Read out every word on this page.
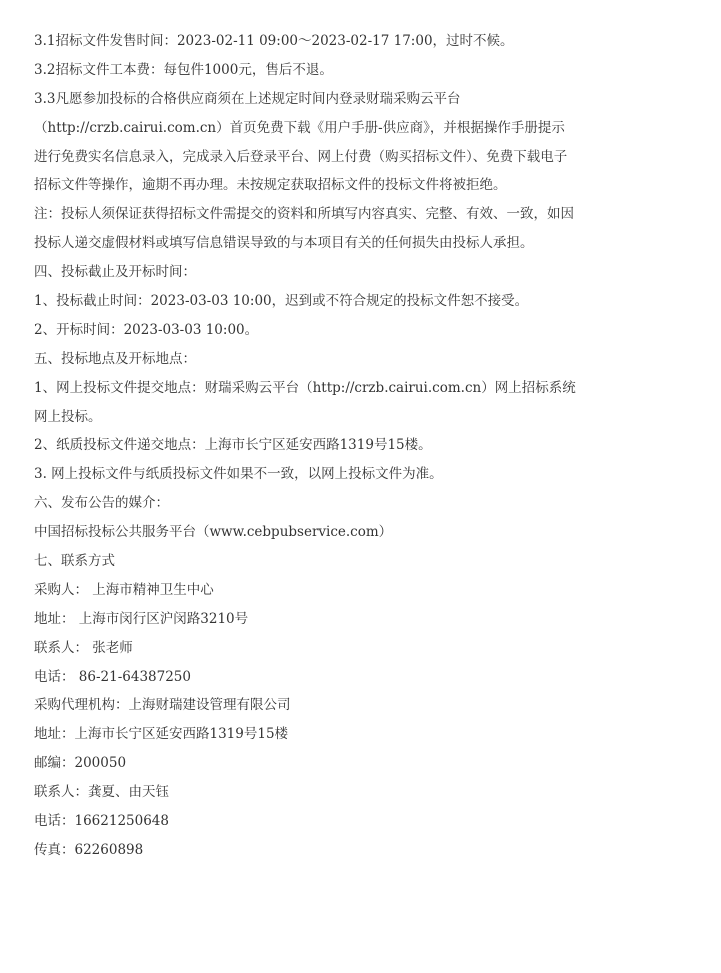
3.1招标文件发售时间：2023-02-11 09:00～2023-02-17 17:00，过时不候。
3.2招标文件工本费：每包件1000元，售后不退。
3.3凡愿参加投标的合格供应商须在上述规定时间内登录财瑞采购云平台
（http://crzb.cairui.com.cn）首页免费下载《用户手册-供应商》，并根据操作手册提示
进行免费实名信息录入，完成录入后登录平台、网上付费（购买招标文件）、免费下载电子
招标文件等操作，逾期不再办理。未按规定获取招标文件的投标文件将被拒绝。
注：投标人须保证获得招标文件需提交的资料和所填写内容真实、完整、有效、一致，如因
投标人递交虚假材料或填写信息错误导致的与本项目有关的任何损失由投标人承担。
四、投标截止及开标时间：
1、投标截止时间：2023-03-03 10:00，迟到或不符合规定的投标文件恕不接受。
2、开标时间：2023-03-03 10:00。
五、投标地点及开标地点：
1、网上投标文件提交地点：财瑞采购云平台（http://crzb.cairui.com.cn）网上招标系统
网上投标。
2、纸质投标文件递交地点：上海市长宁区延安西路1319号15楼。
3. 网上投标文件与纸质投标文件如果不一致，以网上投标文件为准。
六、发布公告的媒介：
中国招标投标公共服务平台（www.cebpubservice.com）
七、联系方式
采购人： 上海市精神卫生中心
地址： 上海市闵行区沪闵路3210号
联系人： 张老师
电话： 86-21-64387250
采购代理机构：上海财瑞建设管理有限公司
地址：上海市长宁区延安西路1319号15楼
邮编：200050
联系人：龚夏、由天钰
电话：16621250648
传真：62260898
